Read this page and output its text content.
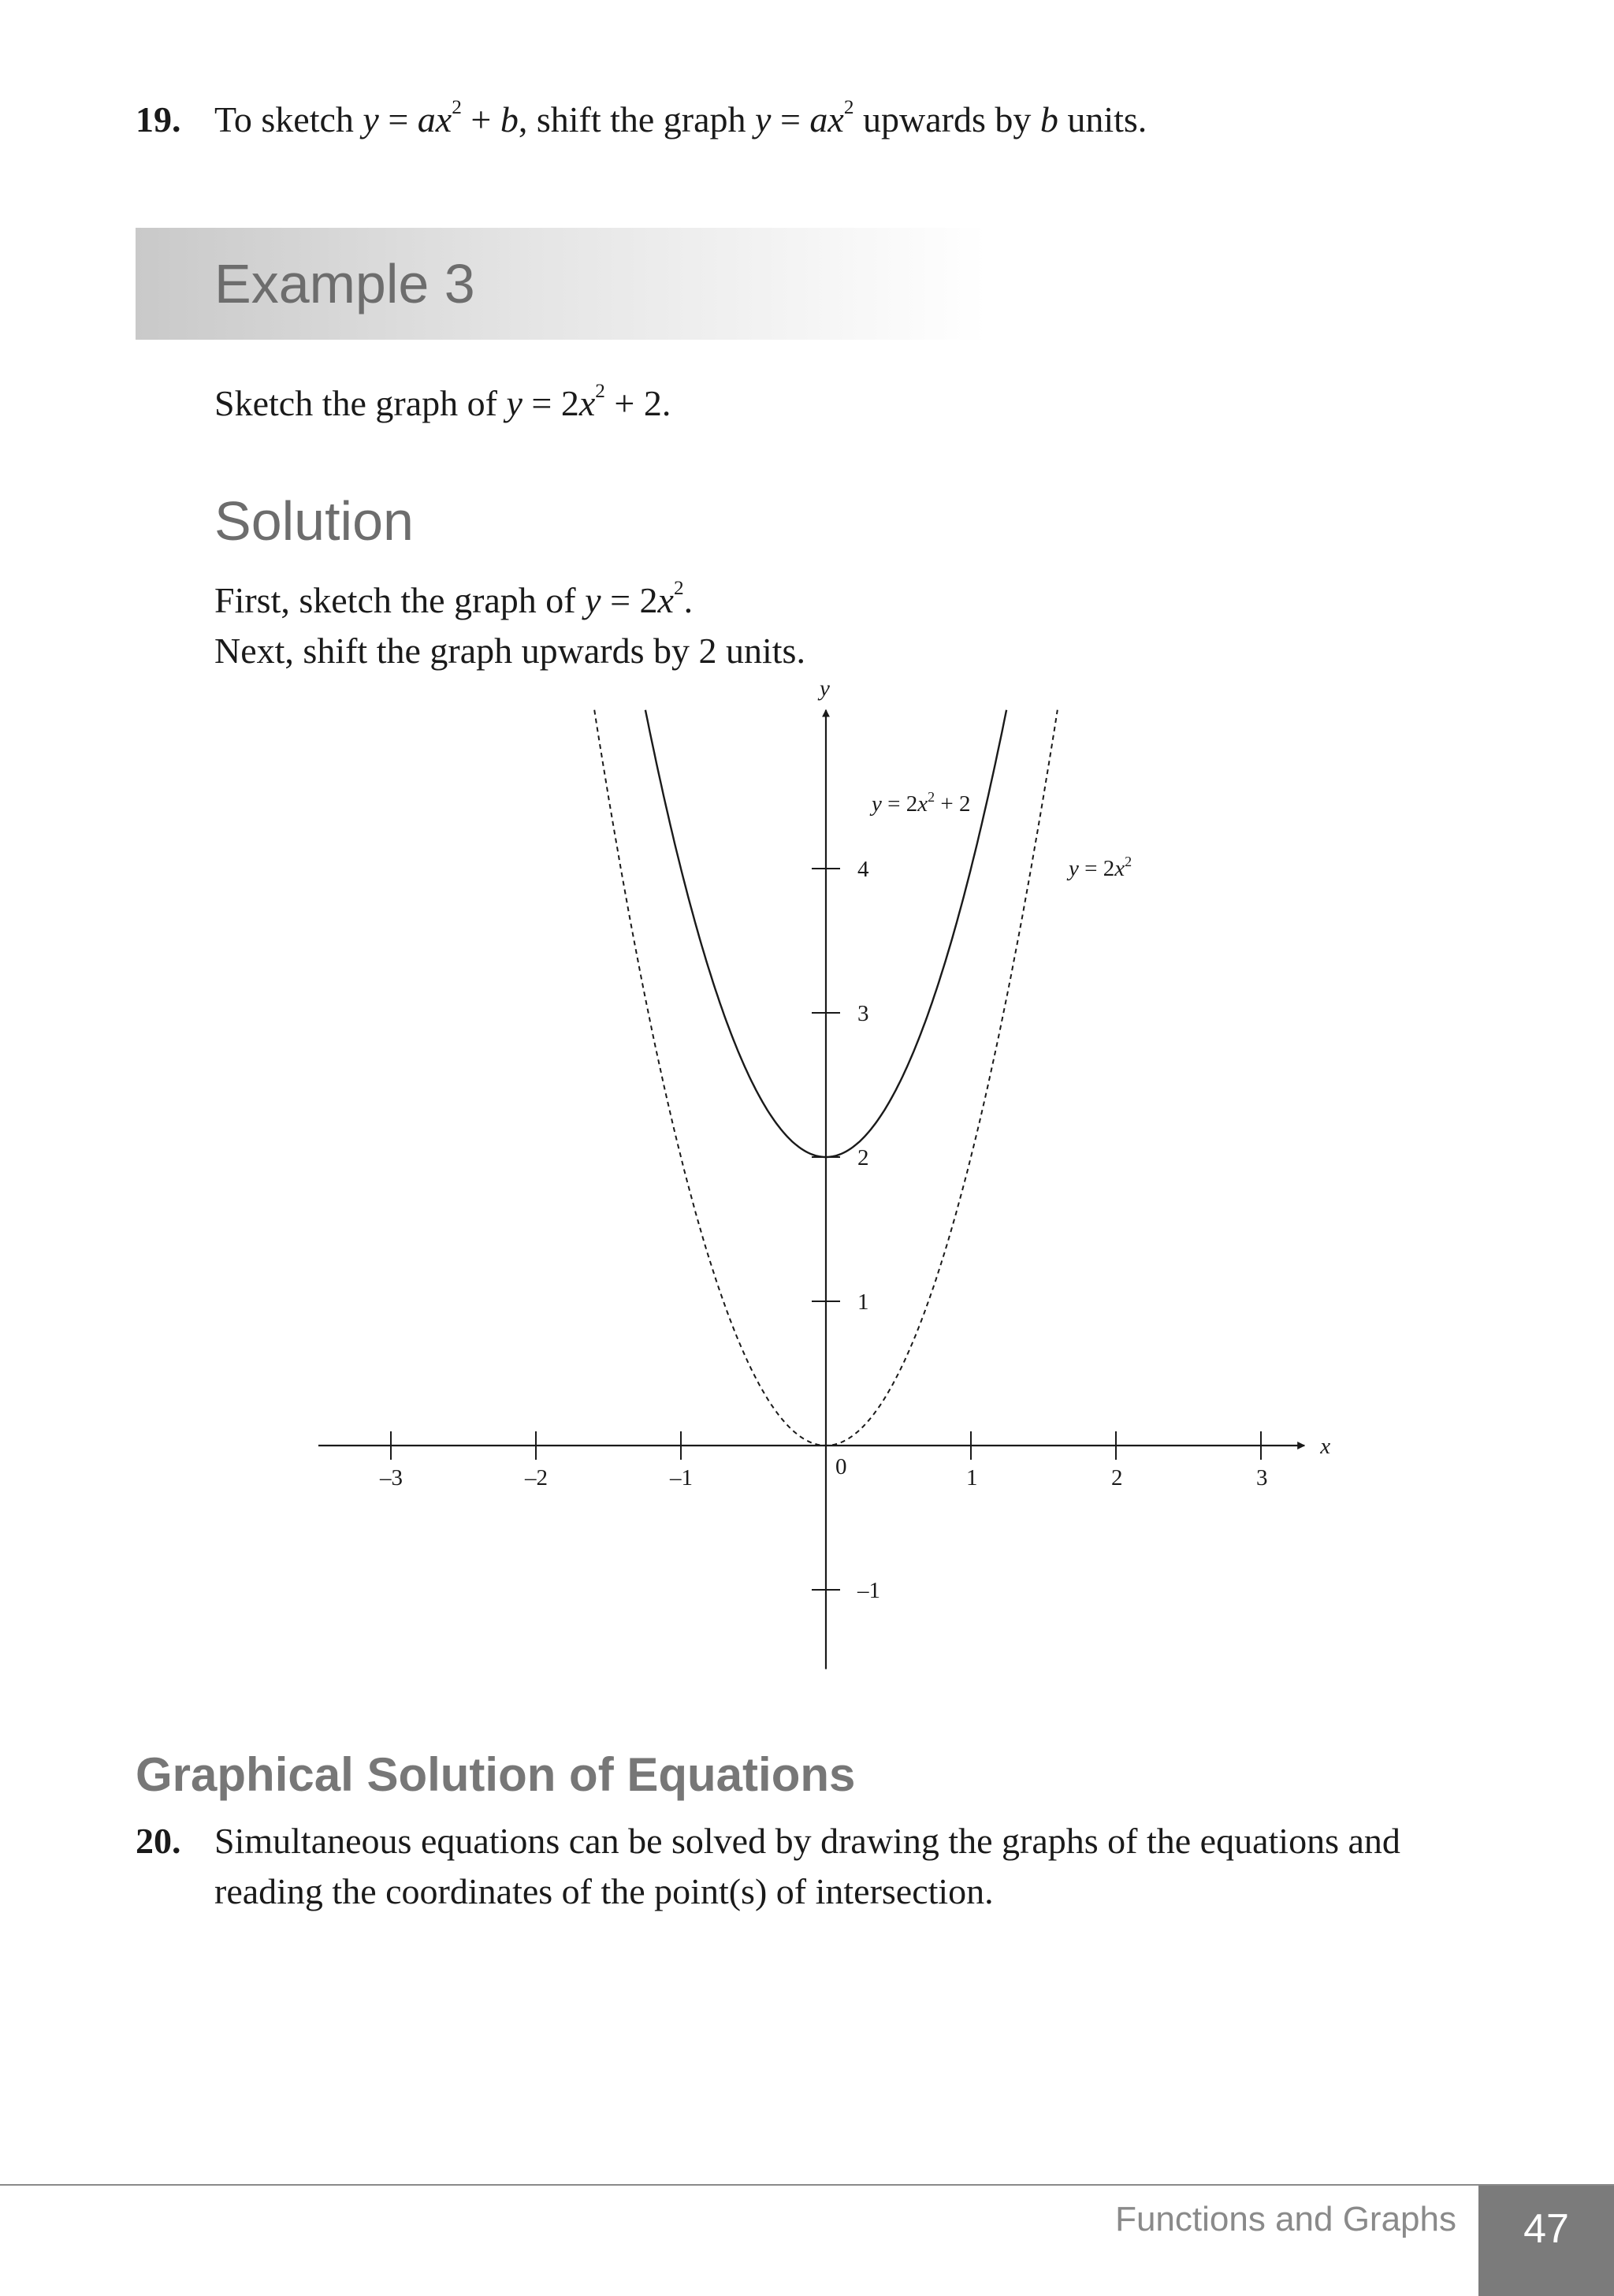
19. To sketch $y = ax^2 + b$, shift the graph $y = ax^2$ upwards by b units.
Example 3
Sketch the graph of $y = 2x^2 + 2$.
Solution
First, sketch the graph of $y = 2x^2$.
Next, shift the graph upwards by 2 units.
x
y
0
–3	–2	–1	1	2	3
–1
1
2
3
4
$y = 2x^2 + 2$
$y = 2x^2$
Graphical Solution of Equations
20. Simultaneous equations can be solved by drawing the graphs of the equations and
reading the coordinates of the point(s) of intersection.
Functions and Graphs	47
